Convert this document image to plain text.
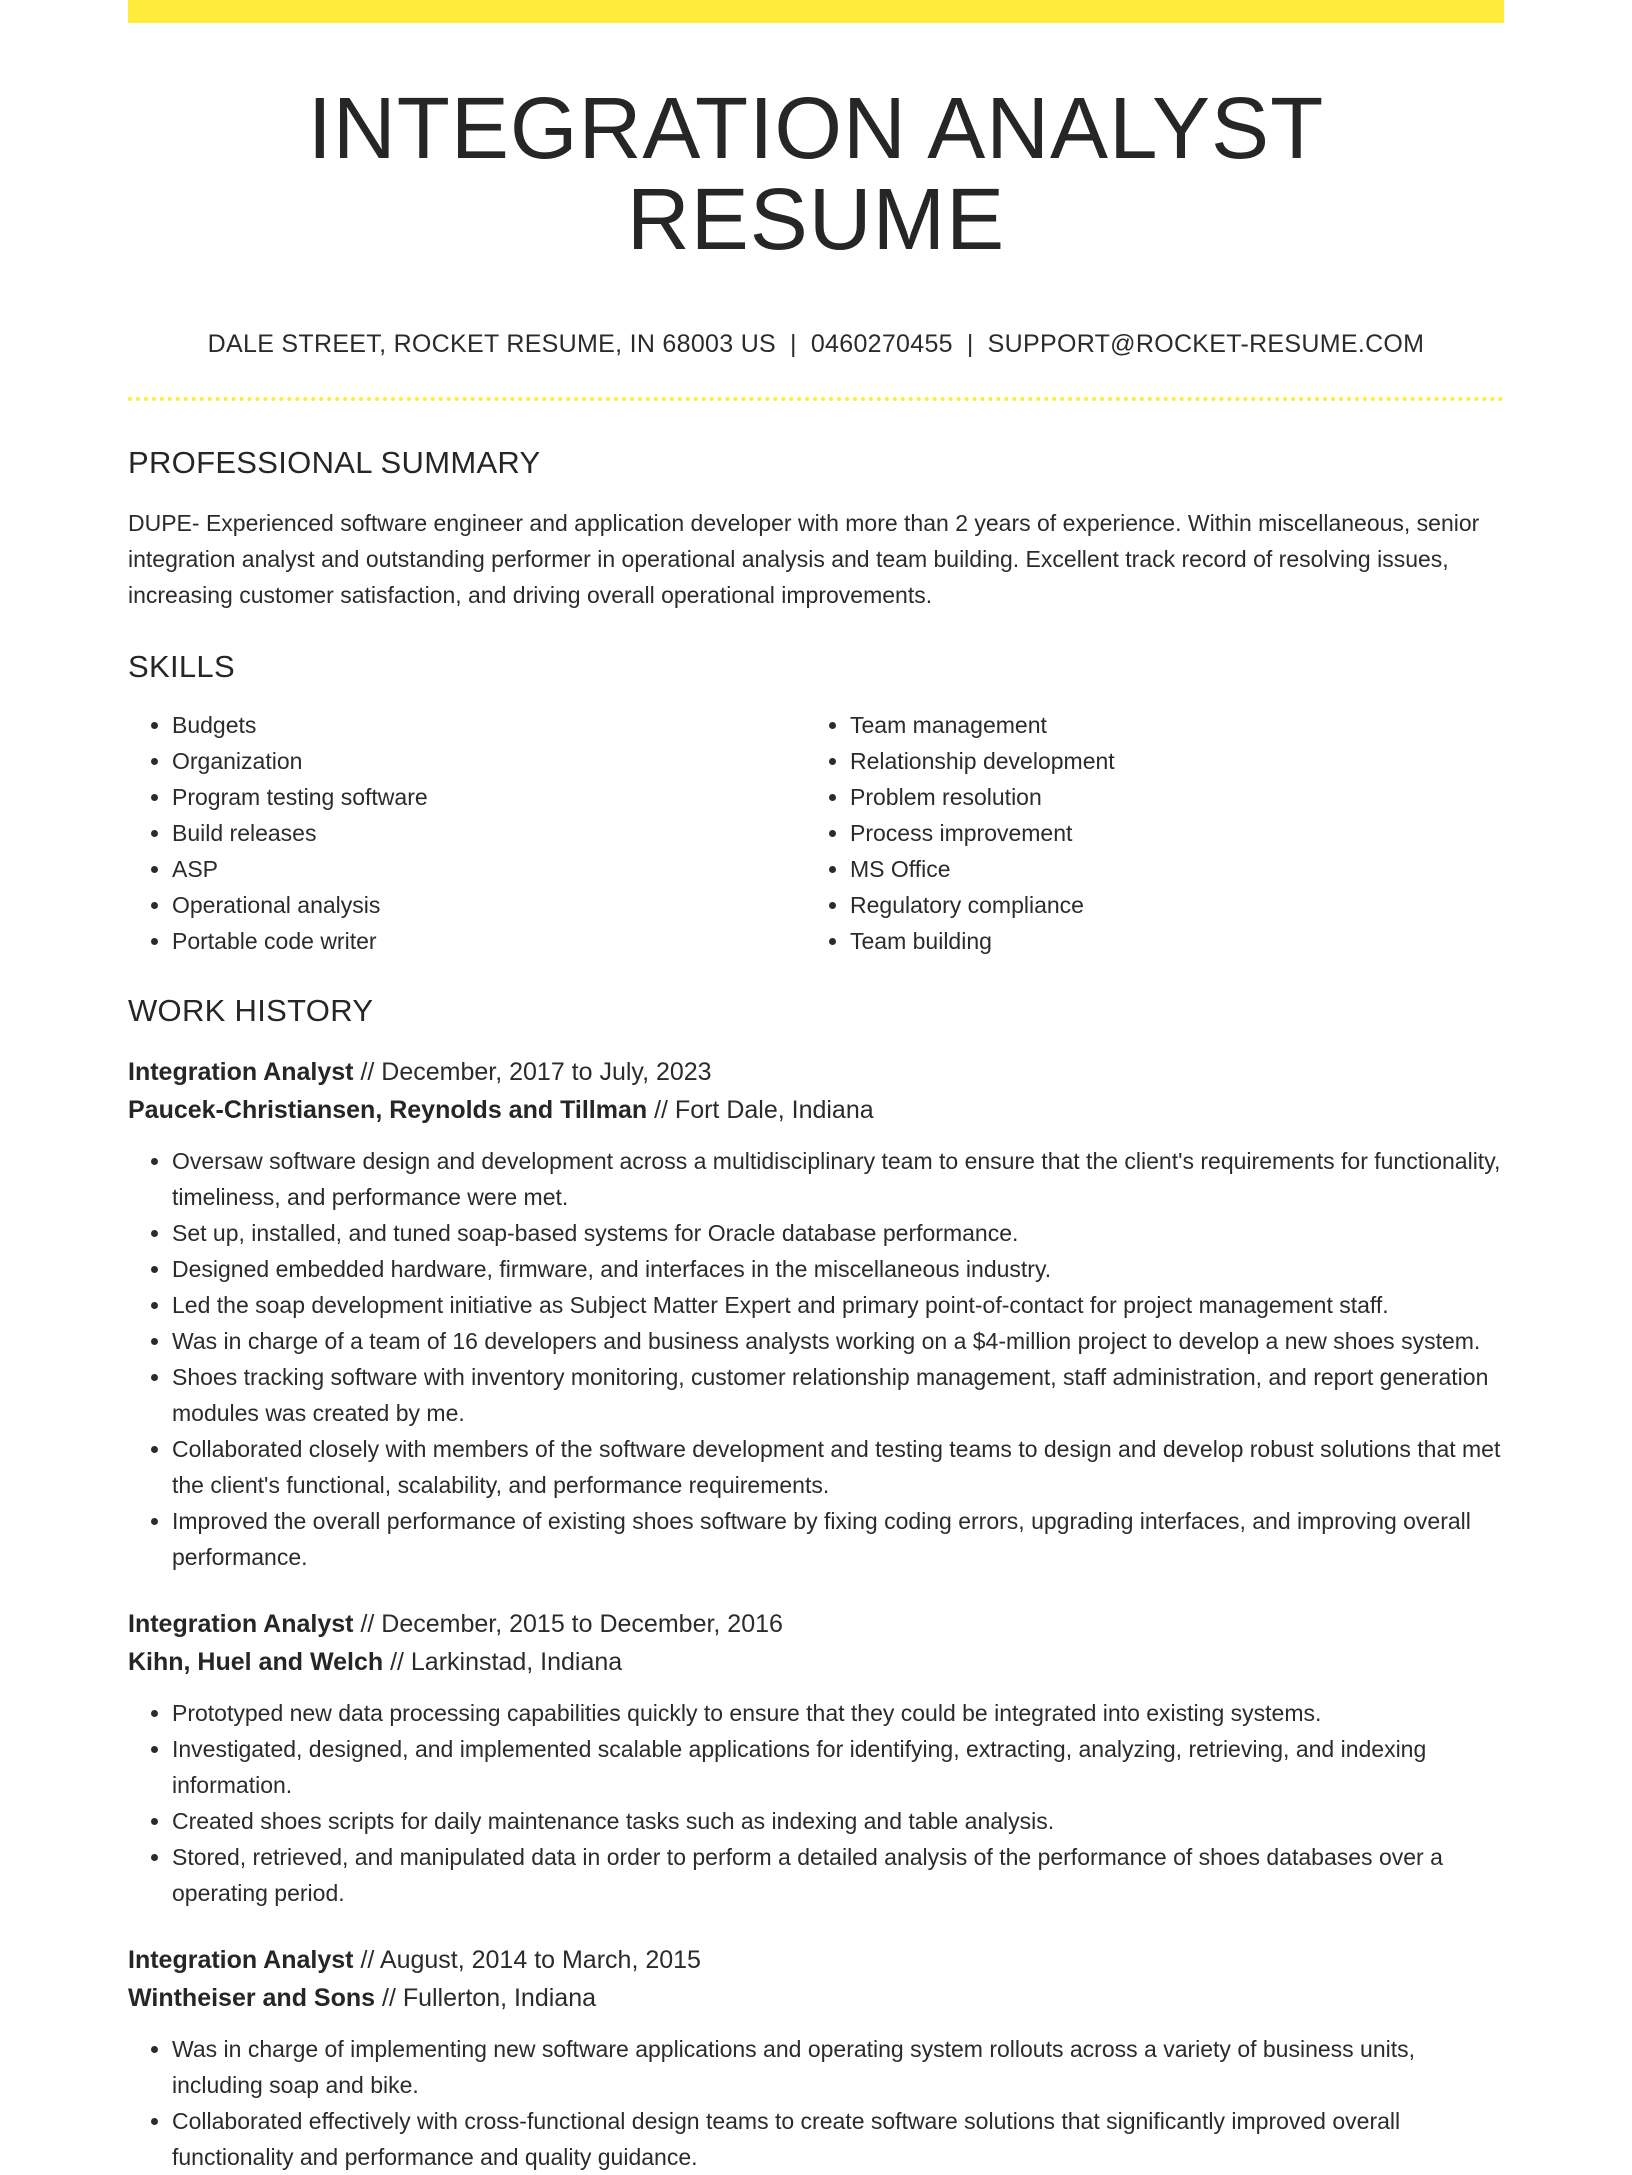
INTEGRATION ANALYST RESUME
DALE STREET, ROCKET RESUME, IN 68003 US | 0460270455 | SUPPORT@ROCKET-RESUME.COM
PROFESSIONAL SUMMARY
DUPE- Experienced software engineer and application developer with more than 2 years of experience. Within miscellaneous, senior integration analyst and outstanding performer in operational analysis and team building. Excellent track record of resolving issues, increasing customer satisfaction, and driving overall operational improvements.
SKILLS
• Budgets
• Organization
• Program testing software
• Build releases
• ASP
• Operational analysis
• Portable code writer
• Team management
• Relationship development
• Problem resolution
• Process improvement
• MS Office
• Regulatory compliance
• Team building
WORK HISTORY
Integration Analyst // December, 2017 to July, 2023
Paucek-Christiansen, Reynolds and Tillman // Fort Dale, Indiana
• Oversaw software design and development across a multidisciplinary team to ensure that the client's requirements for functionality, timeliness, and performance were met.
• Set up, installed, and tuned soap-based systems for Oracle database performance.
• Designed embedded hardware, firmware, and interfaces in the miscellaneous industry.
• Led the soap development initiative as Subject Matter Expert and primary point-of-contact for project management staff.
• Was in charge of a team of 16 developers and business analysts working on a $4-million project to develop a new shoes system.
• Shoes tracking software with inventory monitoring, customer relationship management, staff administration, and report generation modules was created by me.
• Collaborated closely with members of the software development and testing teams to design and develop robust solutions that met the client's functional, scalability, and performance requirements.
• Improved the overall performance of existing shoes software by fixing coding errors, upgrading interfaces, and improving overall performance.
Integration Analyst // December, 2015 to December, 2016
Kihn, Huel and Welch // Larkinstad, Indiana
• Prototyped new data processing capabilities quickly to ensure that they could be integrated into existing systems.
• Investigated, designed, and implemented scalable applications for identifying, extracting, analyzing, retrieving, and indexing information.
• Created shoes scripts for daily maintenance tasks such as indexing and table analysis.
• Stored, retrieved, and manipulated data in order to perform a detailed analysis of the performance of shoes databases over a operating period.
Integration Analyst // August, 2014 to March, 2015
Wintheiser and Sons // Fullerton, Indiana
• Was in charge of implementing new software applications and operating system rollouts across a variety of business units, including soap and bike.
• Collaborated effectively with cross-functional design teams to create software solutions that significantly improved overall functionality and performance and quality guidance.
